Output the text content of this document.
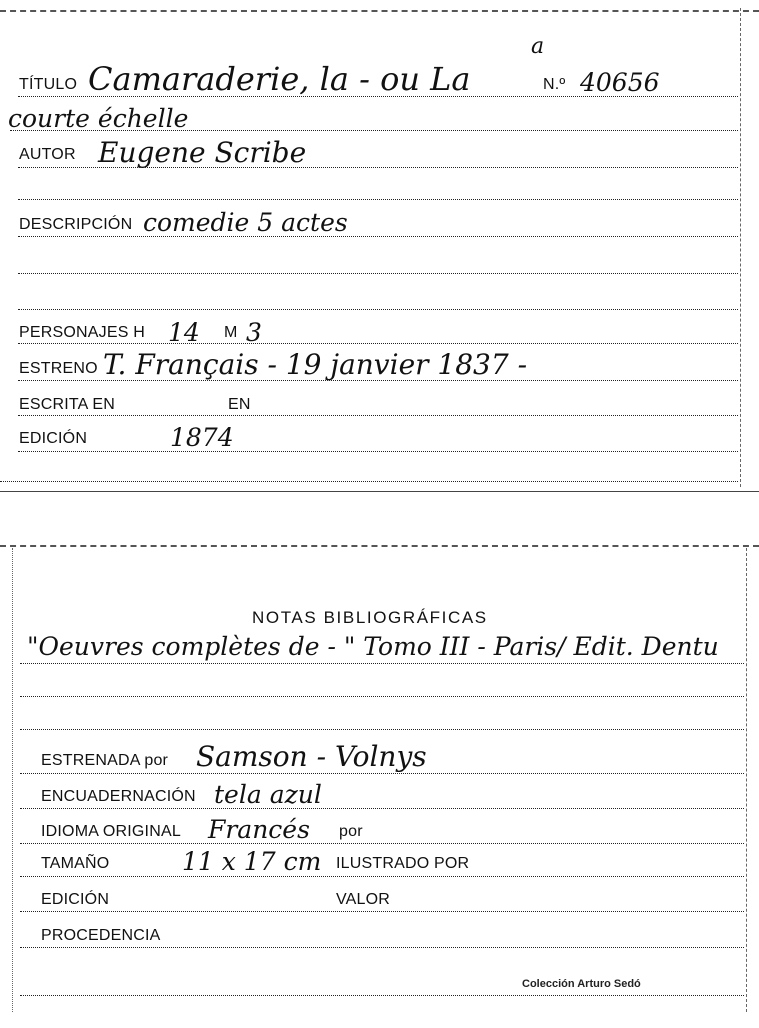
a
TÍTULO Camaraderie, la - ou La	N.º 40656
courte échelle
AUTOR Eugene Scribe
DESCRIPCIÓN comedie 5 actes
PERSONAJES H 14 M 3
ESTRENO T. Français - 19 janvier 1837 -
ESCRITA EN	EN
EDICIÓN	1874
NOTAS BIBLIOGRÁFICAS
"Oeuvres complètes de - " Tomo III - Paris/ Edit. Dentu
ESTRENADA por Samson - Volnys
ENCUADERNACIÓN tela azul
IDIOMA ORIGINAL Francés por
TAMAÑO	11 x 17 cm ILUSTRADO POR
EDICIÓN	VALOR
PROCEDENCIA
Colección Arturo Sedó
